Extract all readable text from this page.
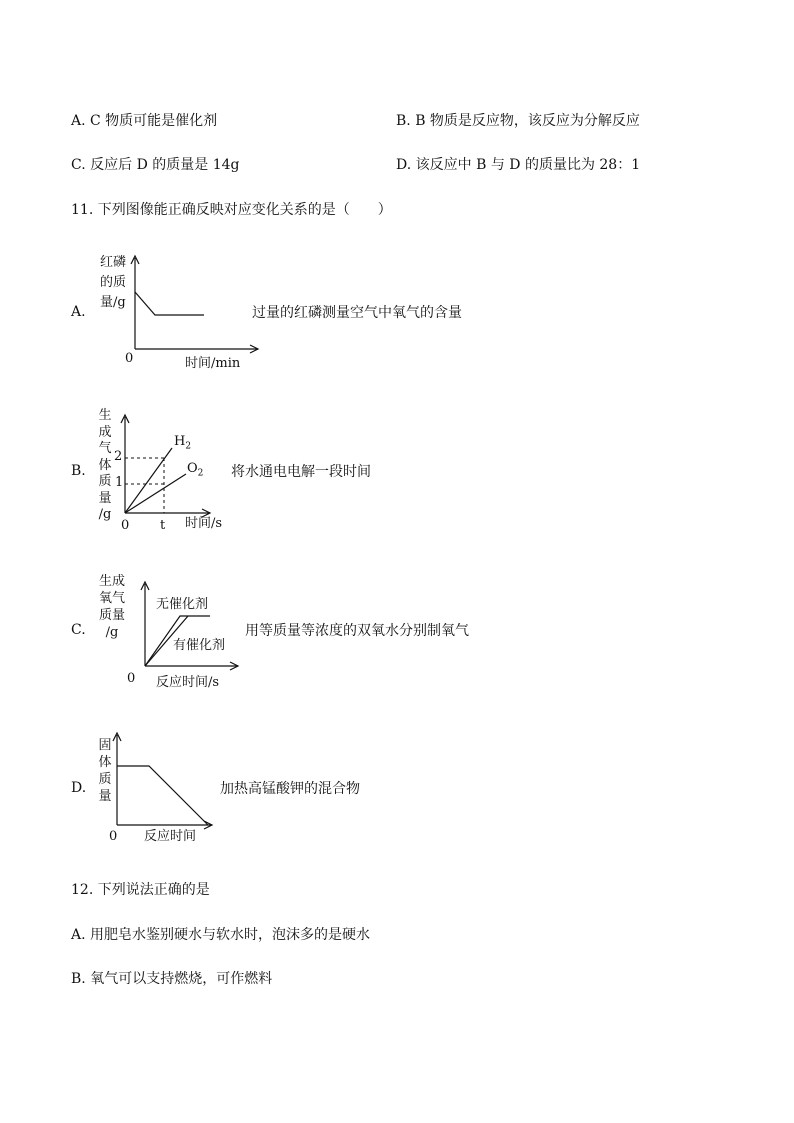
A. C 物质可能是催化剂	B. B 物质是反应物，该反应为分解反应
C. 反应后 D 的质量是 14g	D. 该反应中 B 与 D 的质量比为 28：1
11. 下列图像能正确反映对应变化关系的是（　　）
A.
红磷
的质
量/g
0	时间/min
过量的红磷测量空气中氧气的含量
B.
生
成
气
体
质
量
/g
2
1
$H_2$
$O_2$
0 t 时间/s
将水通电电解一段时间
C.
生成
氧气
质量
/g
无催化剂
有催化剂
0 反应时间/s
用等质量等浓度的双氧水分别制氧气
D.
固
体
质
量
0 反应时间
加热高锰酸钾的混合物
12. 下列说法正确的是
A. 用肥皂水鉴别硬水与软水时，泡沫多的是硬水
B. 氧气可以支持燃烧，可作燃料
